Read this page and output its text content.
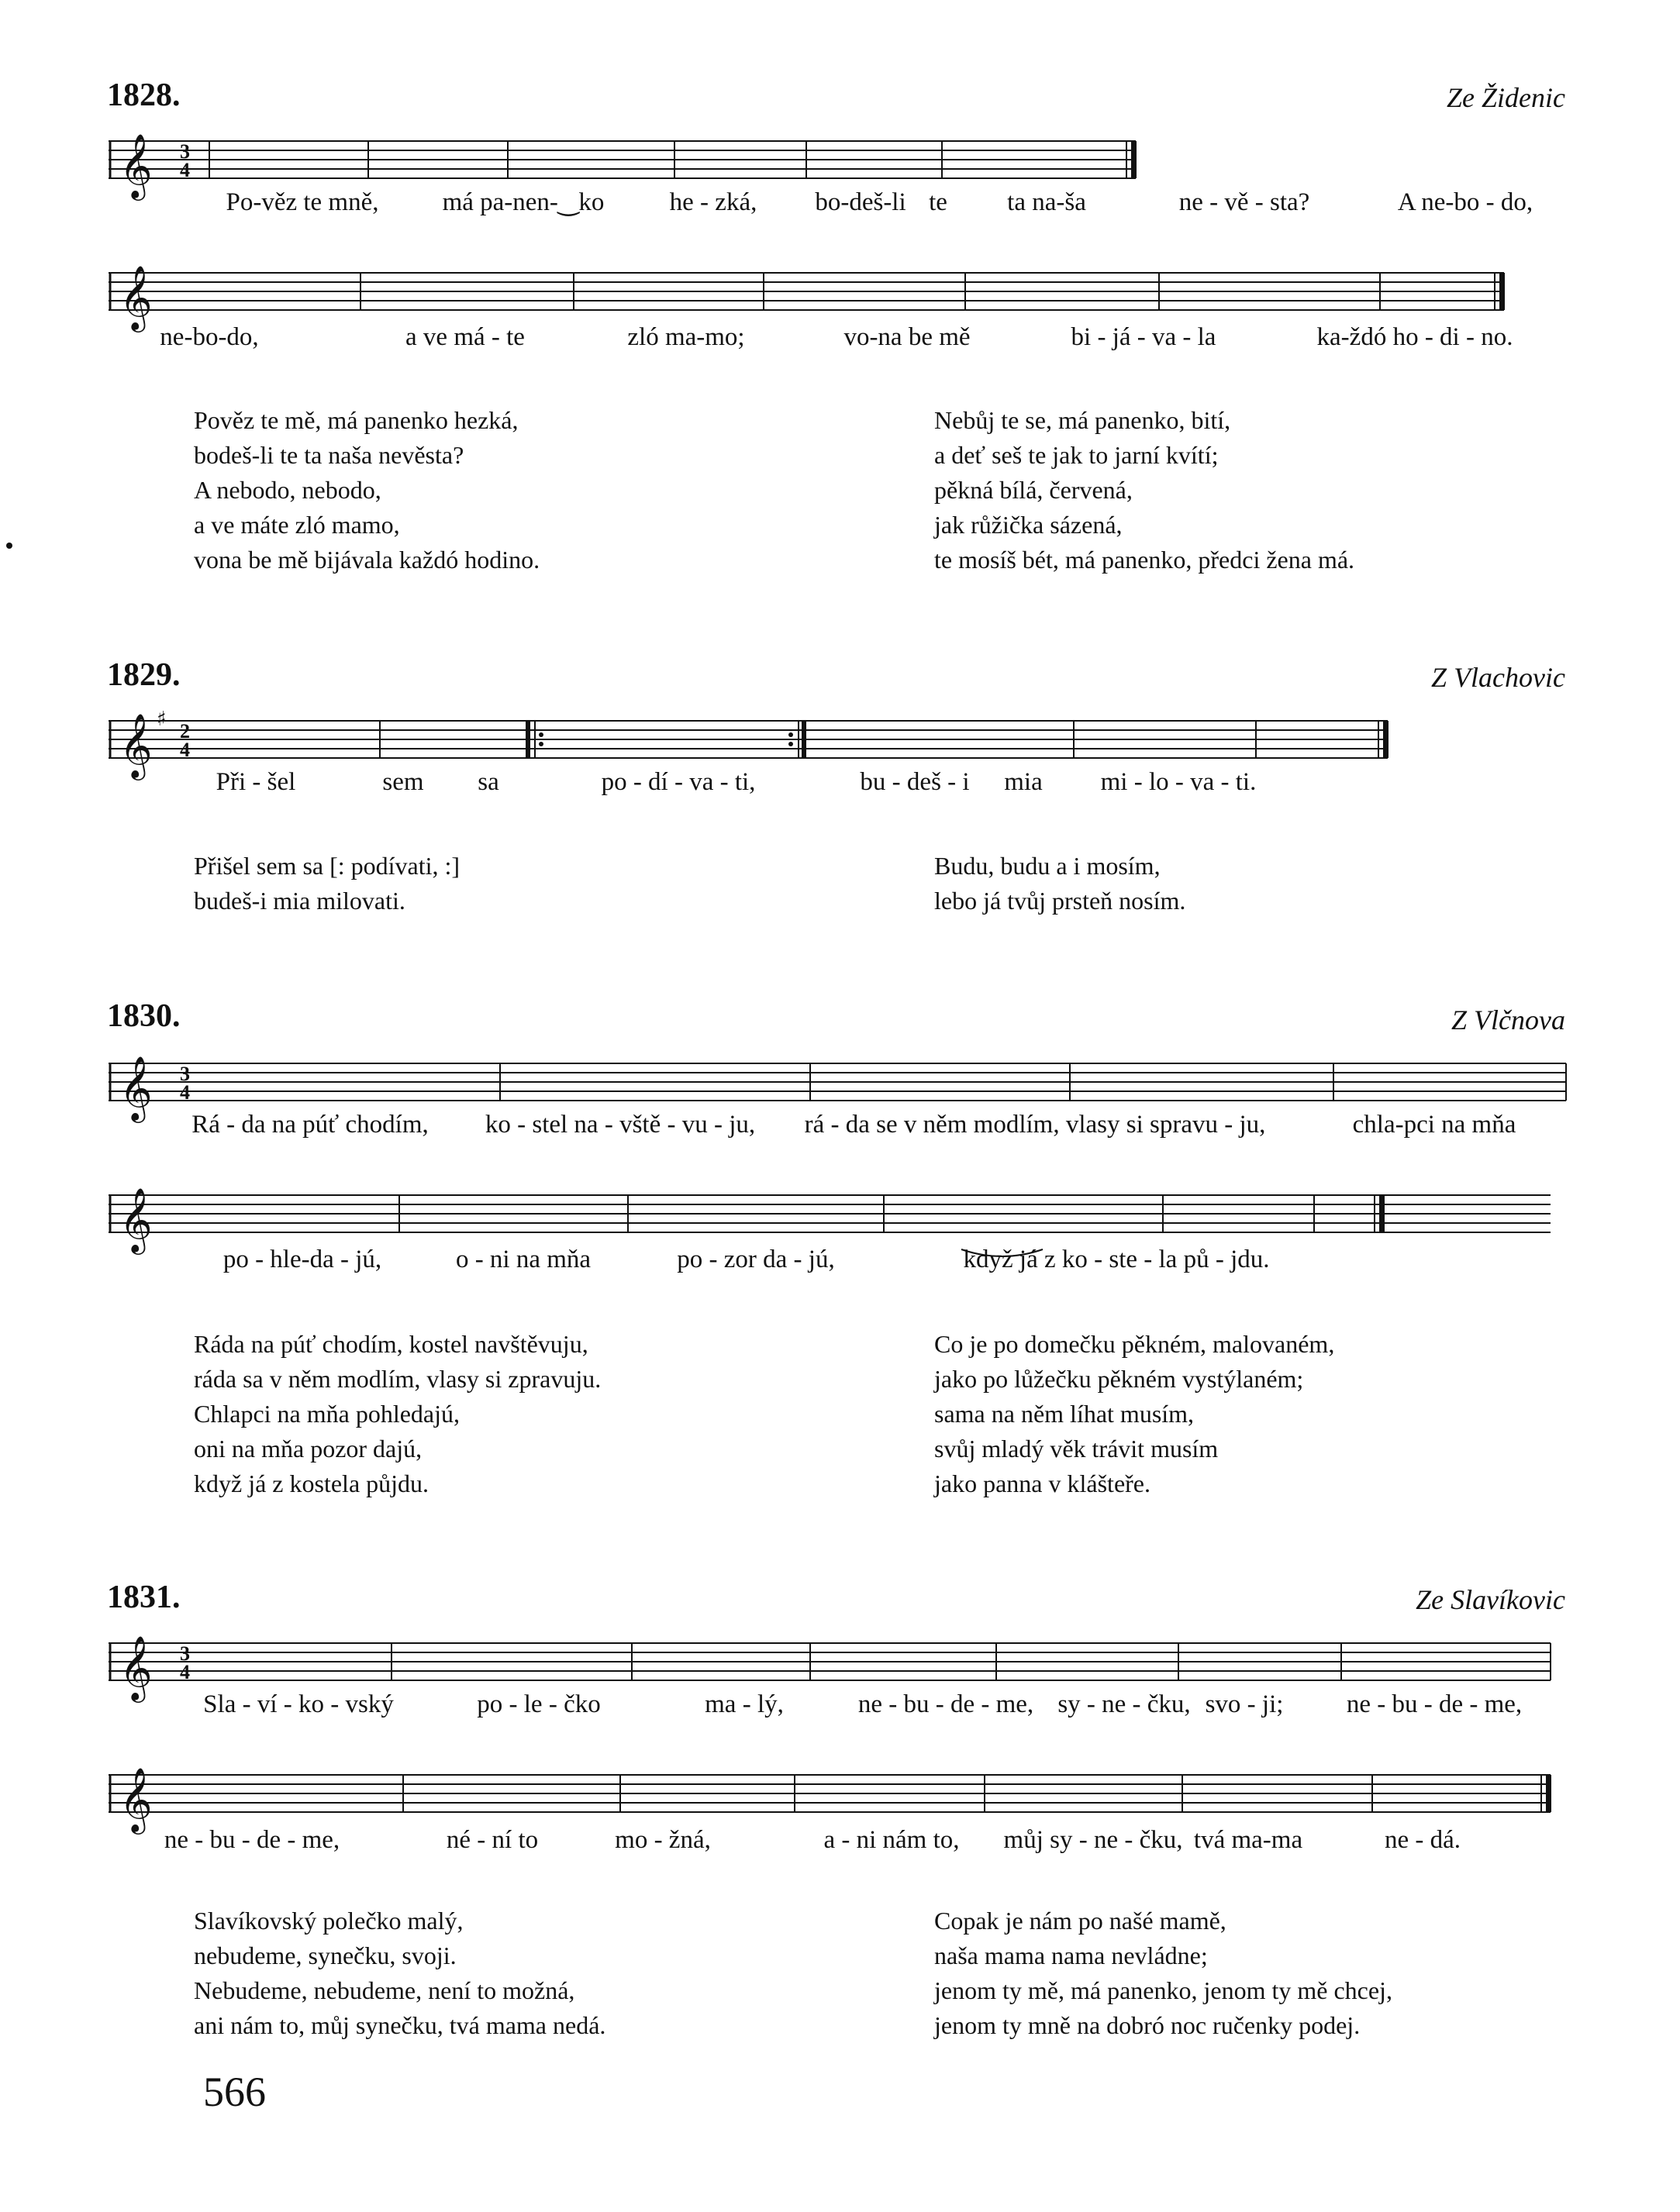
1828.	Ze Židenic
𝄞 3
4
Po-věz te mně, má pa-nen-‿ko	he - zká, bo-deš-li te ta na-ša	ne - vě - sta?	A ne-bo - do,
𝄞
ne-bo-do,	a ve má - te	zló ma-mo;	vo-na be mě	bi - já - va - la	ka-ždó ho - di - no.
Pověz te mě, má panenko hezká,
bodeš-li te ta naša nevěsta?
A nebodo, nebodo,
a ve máte zló mamo,
vona be mě bijávala každó hodino.
Nebůj te se, má panenko, bití,
a deť seš te jak to jarní kvítí;
pěkná bílá, červená,
jak růžička sázená,
te mosíš bét, má panenko, předci žena má.
1829.	Z Vlachovic
𝄞 ♯
2
4
Při - šel	sem sa	po - dí - va - ti,	bu - deš - i mia mi - lo - va - ti.
Přišel sem sa [: podívati, :]
budeš-i mia milovati.
Budu, budu a i mosím,
lebo já tvůj prsteň nosím.
1830.	Z Vlčnova
𝄞 3
4
Rá - da na púť chodím, ko - stel na - vště - vu - ju, rá - da se v něm modlím, vlasy si spravu - ju,	chla-pci na mňa
𝄞
po - hle-da - jú,	o - ni na mňa	po - zor da - jú,	když já z ko - ste - la pů - jdu.
Ráda na púť chodím, kostel navštěvuju,
ráda sa v něm modlím, vlasy si zpravuju.
Chlapci na mňa pohledajú,
oni na mňa pozor dajú,
když já z kostela půjdu.
Co je po domečku pěkném, malovaném,
jako po lůžečku pěkném vystýlaném;
sama na něm líhat musím,
svůj mladý věk trávit musím
jako panna v klášteře.
1831.	Ze Slavíkovic
𝄞 3
4
Sla - ví - ko - vský	po - le - čko	ma - lý,	ne - bu - de - me, sy - ne - čku, svo - ji; ne - bu - de - me,
𝄞
ne - bu - de - me,	né - ní to	mo - žná,	a - ni nám to, můj sy - ne - čku, tvá ma-ma	ne - dá.
Slavíkovský polečko malý,
nebudeme, synečku, svoji.
Nebudeme, nebudeme, není to možná,
ani nám to, můj synečku, tvá mama nedá.
Copak je nám po našé mamě,
naša mama nama nevládne;
jenom ty mě, má panenko, jenom ty mě chcej,
jenom ty mně na dobró noc ručenky podej.
566
